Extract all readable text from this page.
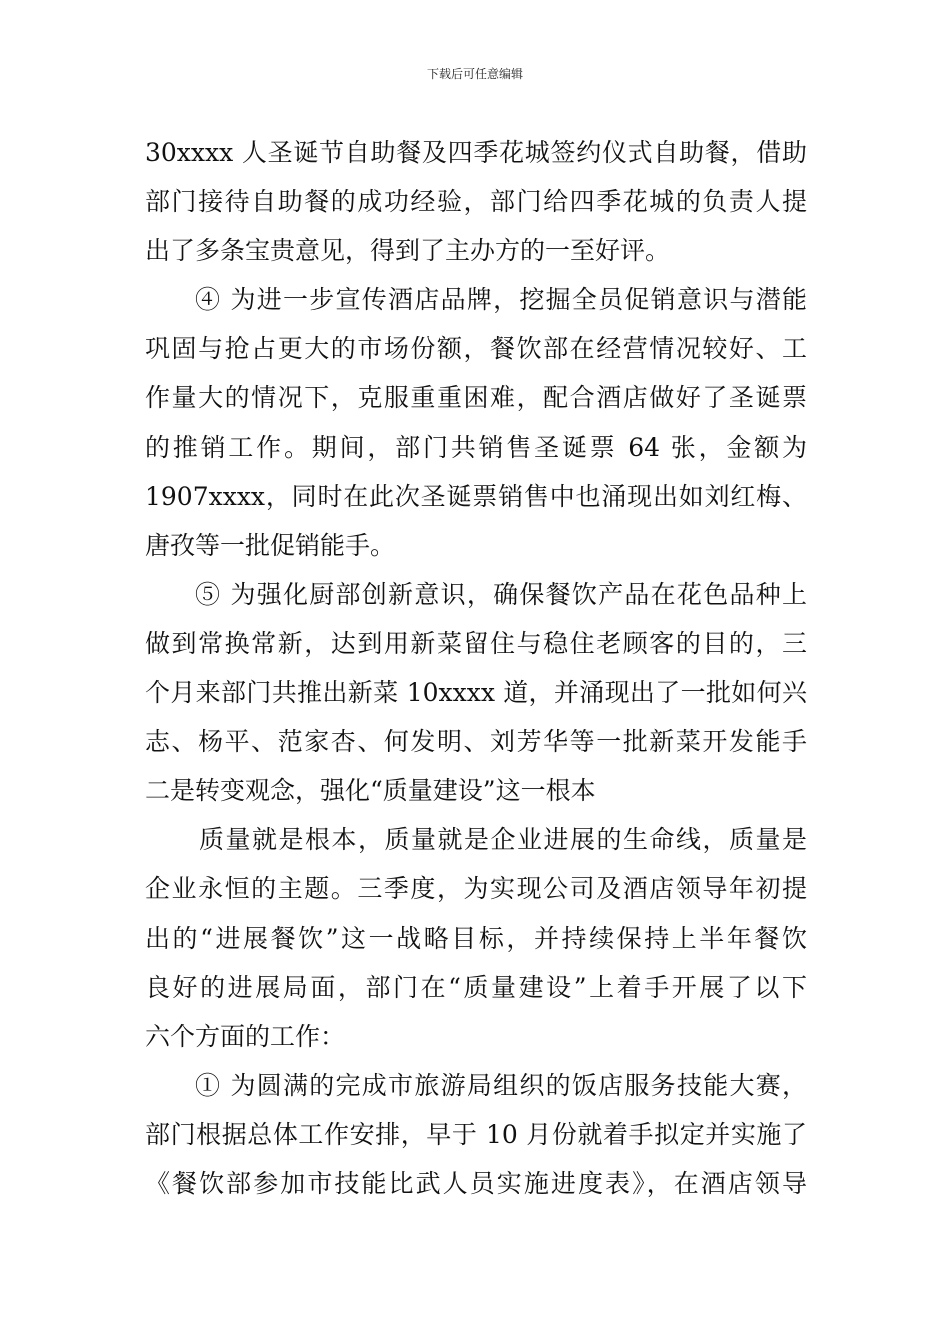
下载后可任意编辑
30xxxx 人圣诞节自助餐及四季花城签约仪式自助餐，借助
部门接待自助餐的成功经验，部门给四季花城的负责人提
出了多条宝贵意见，得到了主办方的一至好评。
④ 为进一步宣传酒店品牌，挖掘全员促销意识与潜能
巩固与抢占更大的市场份额，餐饮部在经营情况较好、工
作量大的情况下，克服重重困难，配合酒店做好了圣诞票
的推销工作。期间，部门共销售圣诞票 64 张，金额为
1907xxxx，同时在此次圣诞票销售中也涌现出如刘红梅、
唐孜等一批促销能手。
⑤ 为强化厨部创新意识，确保餐饮产品在花色品种上
做到常换常新，达到用新菜留住与稳住老顾客的目的，三
个月来部门共推出新菜 10xxxx 道，并涌现出了一批如何兴
志、杨平、范家杏、何发明、刘芳华等一批新菜开发能手
二是转变观念，强化“质量建设”这一根本
质量就是根本，质量就是企业进展的生命线，质量是
企业永恒的主题。三季度，为实现公司及酒店领导年初提
出的“进展餐饮”这一战略目标，并持续保持上半年餐饮
良好的进展局面，部门在“质量建设”上着手开展了以下
六个方面的工作：
① 为圆满的完成市旅游局组织的饭店服务技能大赛，
部门根据总体工作安排，早于 10 月份就着手拟定并实施了
《餐饮部参加市技能比武人员实施进度表》，在酒店领导
